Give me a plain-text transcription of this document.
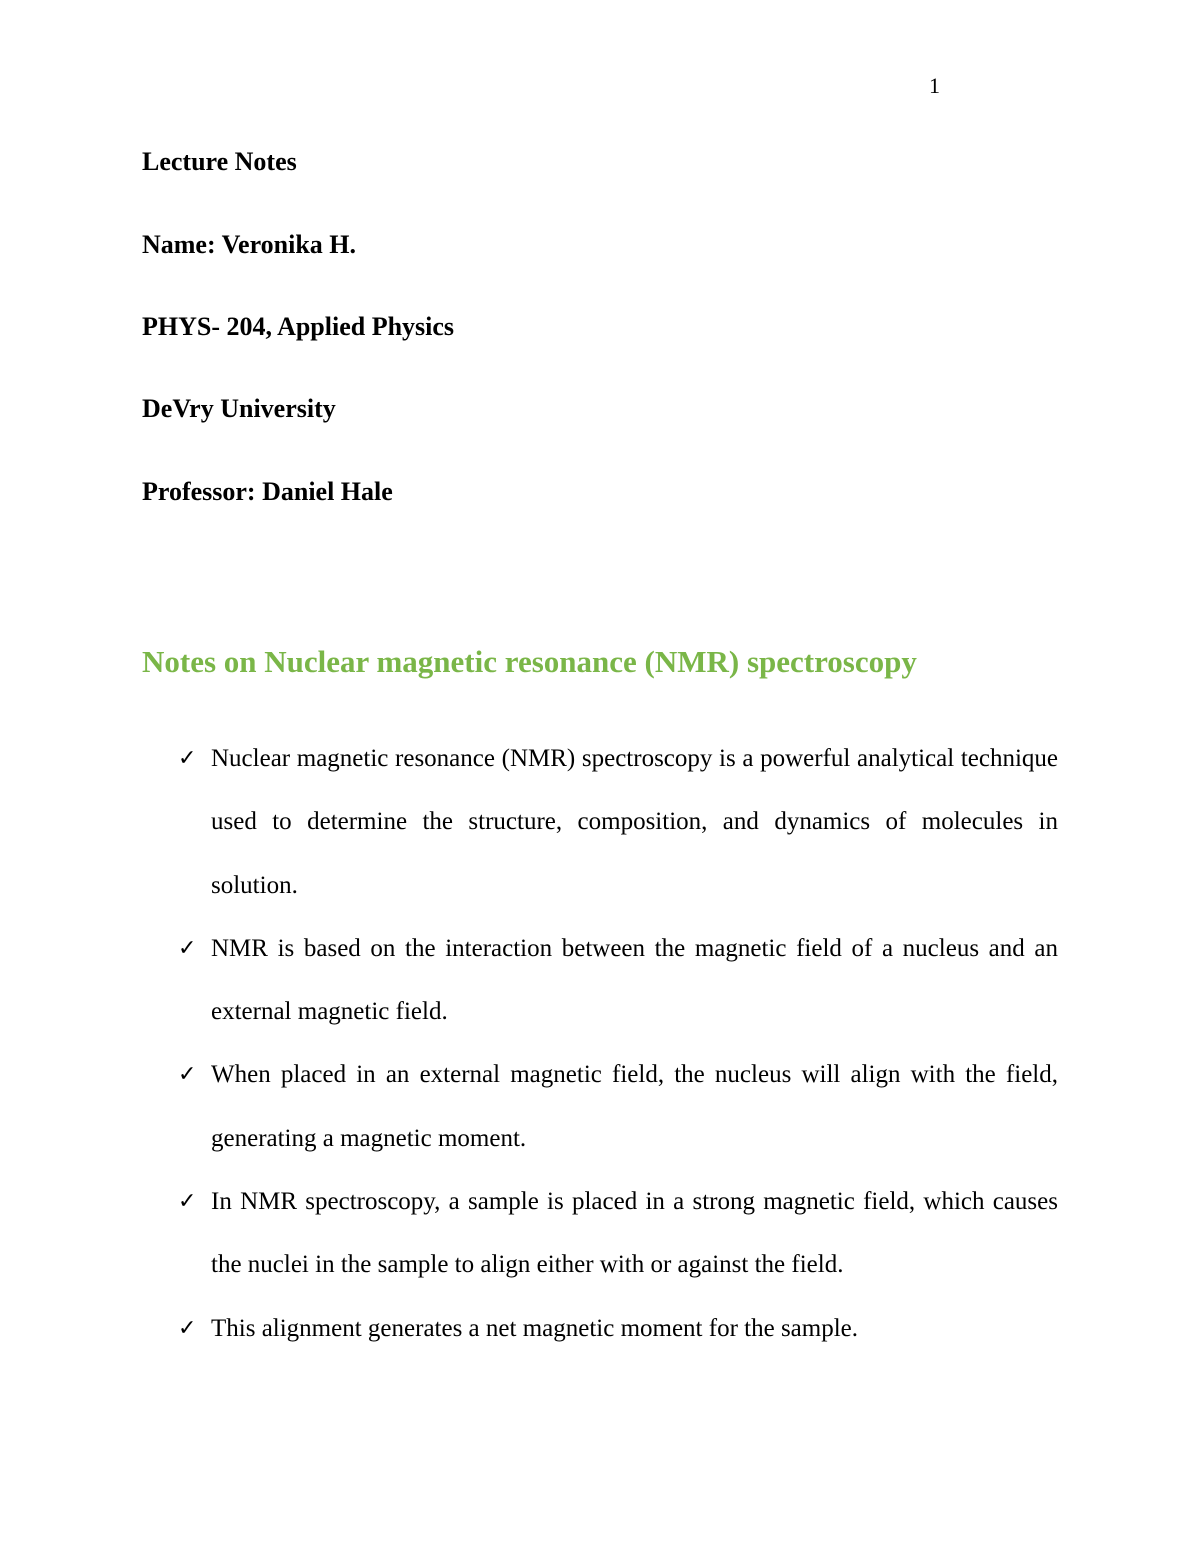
1
Lecture Notes
Name: Veronika H.
PHYS- 204, Applied Physics
DeVry University
Professor: Daniel Hale
Notes on Nuclear magnetic resonance (NMR) spectroscopy
✓ Nuclear magnetic resonance (NMR) spectroscopy is a powerful analytical technique used to determine the structure, composition, and dynamics of molecules in solution.
✓ NMR is based on the interaction between the magnetic field of a nucleus and an external magnetic field.
✓ When placed in an external magnetic field, the nucleus will align with the field, generating a magnetic moment.
✓ In NMR spectroscopy, a sample is placed in a strong magnetic field, which causes the nuclei in the sample to align either with or against the field.
✓ This alignment generates a net magnetic moment for the sample.
